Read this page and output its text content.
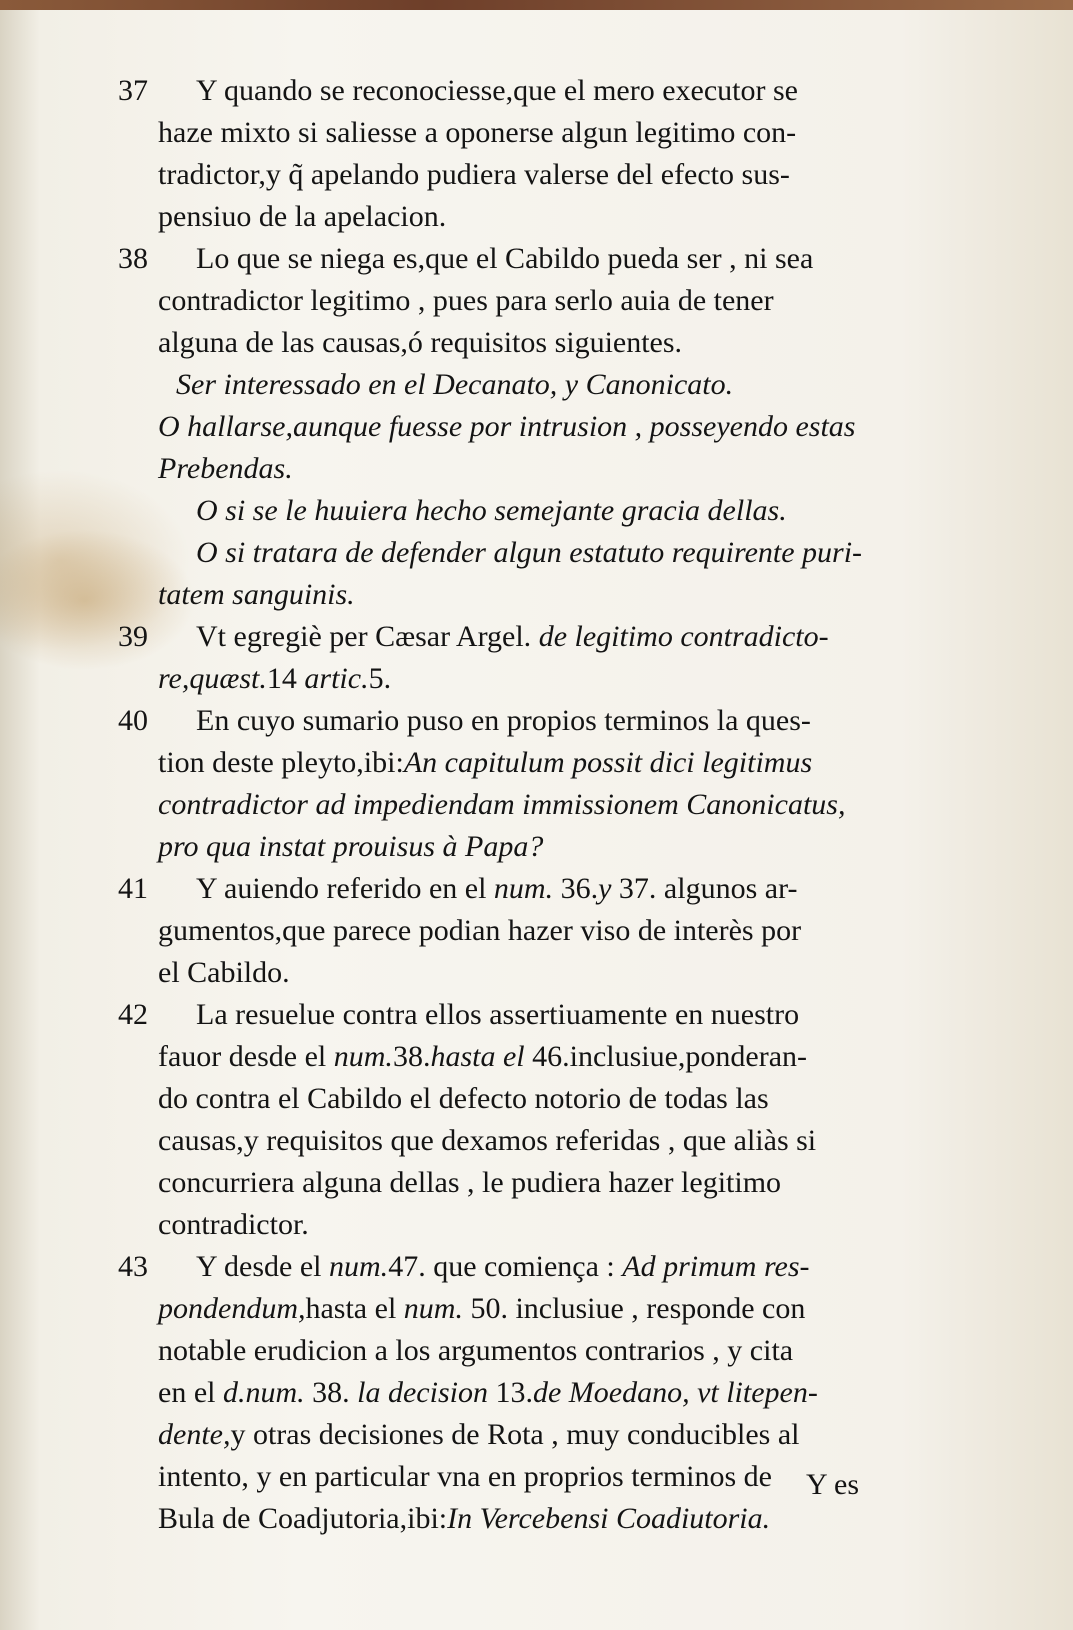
37	Y quando se reconociesse,que el mero executor se
haze mixto si saliesse a oponerse algun legitimo con-
tradictor,y q̃ apelando pudiera valerse del efecto sus-
pensiuo de la apelacion.
38	Lo que se niega es,que el Cabildo pueda ser , ni sea
contradictor legitimo , pues para serlo auia de tener
alguna de las causas,ó requisitos siguientes.
Ser interessado en el Decanato, y Canonicato.
O hallarse,aunque fuesse por intrusion , posseyendo estas
Prebendas.
O si se le huuiera hecho semejante gracia dellas.
O si tratara de defender algun estatuto requirente puri-
tatem sanguinis.
39	Vt egregiè per Cæsar Argel. de legitimo contradicto-
re,quæst.14 artic.5.
40	En cuyo sumario puso en propios terminos la ques-
tion deste pleyto,ibi:An capitulum possit dici legitimus
contradictor ad impediendam immissionem Canonicatus,
pro qua instat prouisus à Papa?
41	Y auiendo referido en el num. 36.y 37. algunos ar-
gumentos,que parece podian hazer viso de interès por
el Cabildo.
42	La resuelue contra ellos assertiuamente en nuestro
fauor desde el num.38.hasta el 46.inclusiue,ponderan-
do contra el Cabildo el defecto notorio de todas las
causas,y requisitos que dexamos referidas , que aliàs si
concurriera alguna dellas , le pudiera hazer legitimo
contradictor.
43	Y desde el num.47. que comiença : Ad primum res-
pondendum,hasta el num. 50. inclusiue , responde con
notable erudicion a los argumentos contrarios , y cita
en el d.num. 38. la decision 13.de Moedano, vt litepen-
dente,y otras decisiones de Rota , muy conducibles al
intento, y en particular vna en proprios terminos de
Bula de Coadjutoria,ibi:In Vercebensi Coadiutoria.
Y es
